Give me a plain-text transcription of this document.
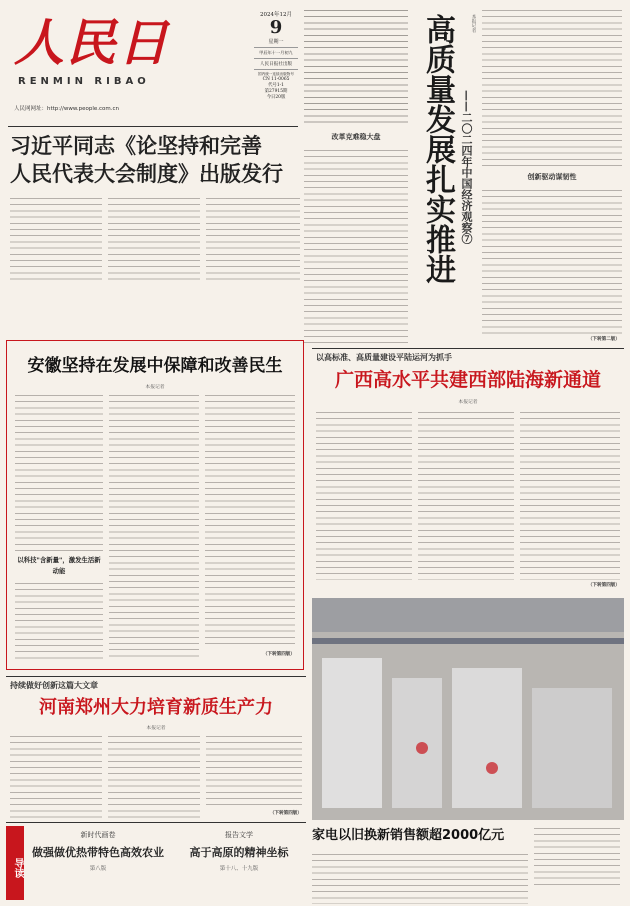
人民日
RENMIN RIBAO
人民网网址：http://www.people.com.cn
2024年12月
9
星期一
甲辰年十一月初九
人民日报社出版
国内统一连续出版物号
CN 11-0065
代号1-1
第27915期
今日20版
改革克难稳大盘	高质量发展扎实推进 ——二〇二四年中国经济观察⑦
本报记者
创新驱动谋韧性
（下转第二版）
习近平同志《论坚持和完善
人民代表大会制度》出版发行
安徽坚持在发展中保障和改善民生
本报记者
以科技"含新量"，激发生活新动能
（下转第四版）
以高标准、高质量建设平陆运河为抓手
广西高水平共建西部陆海新通道
本报记者
（下转第四版）
持续做好创新这篇大文章
河南郑州大力培育新质生产力
本报记者
（下转第四版）
家电以旧换新销售额超2000亿元
导读
新时代画卷
做强做优热带特色高效农业
第八版
报告文学
高于高原的精神坐标
第十八、十九版
